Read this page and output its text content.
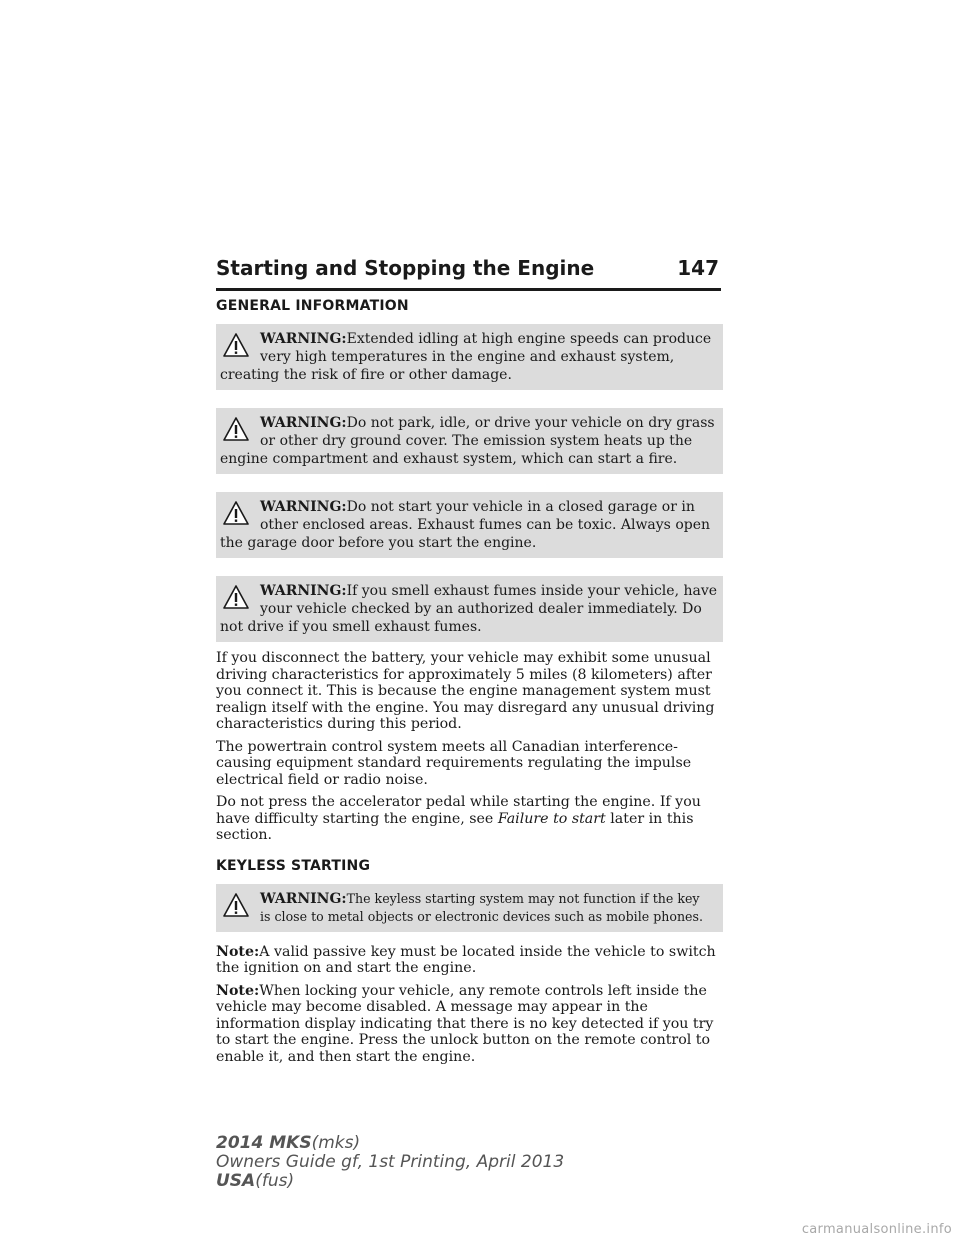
Starting and Stopping the Engine	147
GENERAL INFORMATION
WARNING:Extended idling at high engine speeds can produce
very high temperatures in the engine and exhaust system,
creating the risk of fire or other damage.
WARNING:Do not park, idle, or drive your vehicle on dry grass
or other dry ground cover. The emission system heats up the
engine compartment and exhaust system, which can start a fire.
WARNING:Do not start your vehicle in a closed garage or in
other enclosed areas. Exhaust fumes can be toxic. Always open
the garage door before you start the engine.
WARNING:If you smell exhaust fumes inside your vehicle, have
your vehicle checked by an authorized dealer immediately. Do
not drive if you smell exhaust fumes.

If you disconnect the battery, your vehicle may exhibit some unusual driving characteristics for approximately 5 miles (8 kilometers) after you connect it. This is because the engine management system must realign itself with the engine. You may disregard any unusual driving characteristics during this period.

The powertrain control system meets all Canadian interference-causing equipment standard requirements regulating the impulse electrical field or radio noise.

Do not press the accelerator pedal while starting the engine. If you have difficulty starting the engine, see Failure to start later in this section.

KEYLESS STARTING
WARNING:The keyless starting system may not function if the key
is close to metal objects or electronic devices such as mobile phones.

Note:A valid passive key must be located inside the vehicle to switch the ignition on and start the engine.

Note:When locking your vehicle, any remote controls left inside the vehicle may become disabled. A message may appear in the information display indicating that there is no key detected if you try to start the engine. Press the unlock button on the remote control to enable it, and then start the engine.

2014 MKS(mks)
Owners Guide gf, 1st Printing, April 2013
USA(fus)
carmanualsonline.info
